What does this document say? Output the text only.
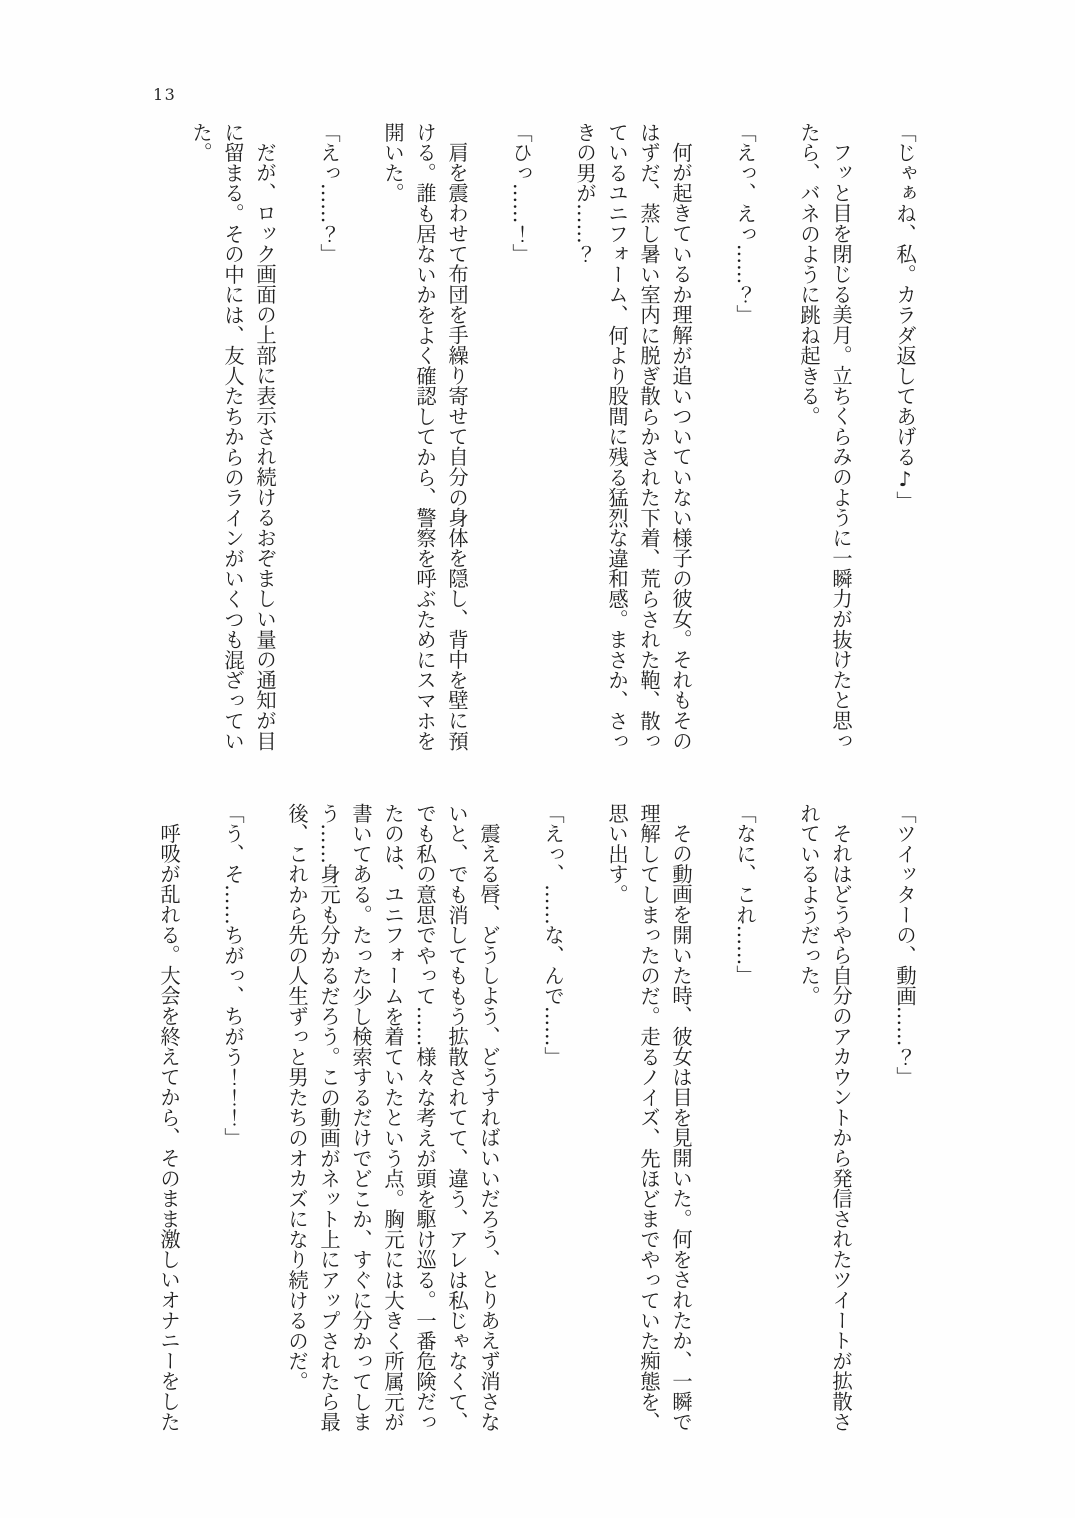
13

「じゃぁね、私。カラダ返してあげる♪」

フッと目を閉じる美月。立ちくらみのように一瞬力が抜けたと思っ

たら、バネのように跳ね起きる。

「えっ、えっ……？」

何が起きているか理解が追いついていない様子の彼女。それもその

はずだ、蒸し暑い室内に脱ぎ散らかされた下着、荒らされた鞄、散っ

ているユニフォーム、何より股間に残る猛烈な違和感。まさか、さっ

きの男が……？

「ひっ……！」

肩を震わせて布団を手繰り寄せて自分の身体を隠し、背中を壁に預

ける。誰も居ないかをよく確認してから、警察を呼ぶためにスマホを

開いた。

「えっ……？」

だが、ロック画面の上部に表示され続けるおぞましい量の通知が目

に留まる。その中には、友人たちからのラインがいくつも混ざってい

た。

「ツイッターの、動画……？」

それはどうやら自分のアカウントから発信されたツイートが拡散さ

れているようだった。

「なに、これ……」

その動画を開いた時、彼女は目を見開いた。何をされたか、一瞬で

理解してしまったのだ。走るノイズ、先ほどまでやっていた痴態を、

思い出す。

「えっ、……な、んで……」

震える唇、どうしよう、どうすればいいだろう、とりあえず消さな

いと、でも消してももう拡散されてて、違う、アレは私じゃなくて、

でも私の意思でやって……様々な考えが頭を駆け巡る。一番危険だっ

たのは、ユニフォームを着ていたという点。胸元には大きく所属元が

書いてある。たった少し検索するだけでどこか、すぐに分かってしま

う……身元も分かるだろう。この動画がネット上にアップされたら最

後、これから先の人生ずっと男たちのオカズになり続けるのだ。

「う、そ……ちがっ、ちがう！！！」

呼吸が乱れる。大会を終えてから、そのまま激しいオナニーをした
